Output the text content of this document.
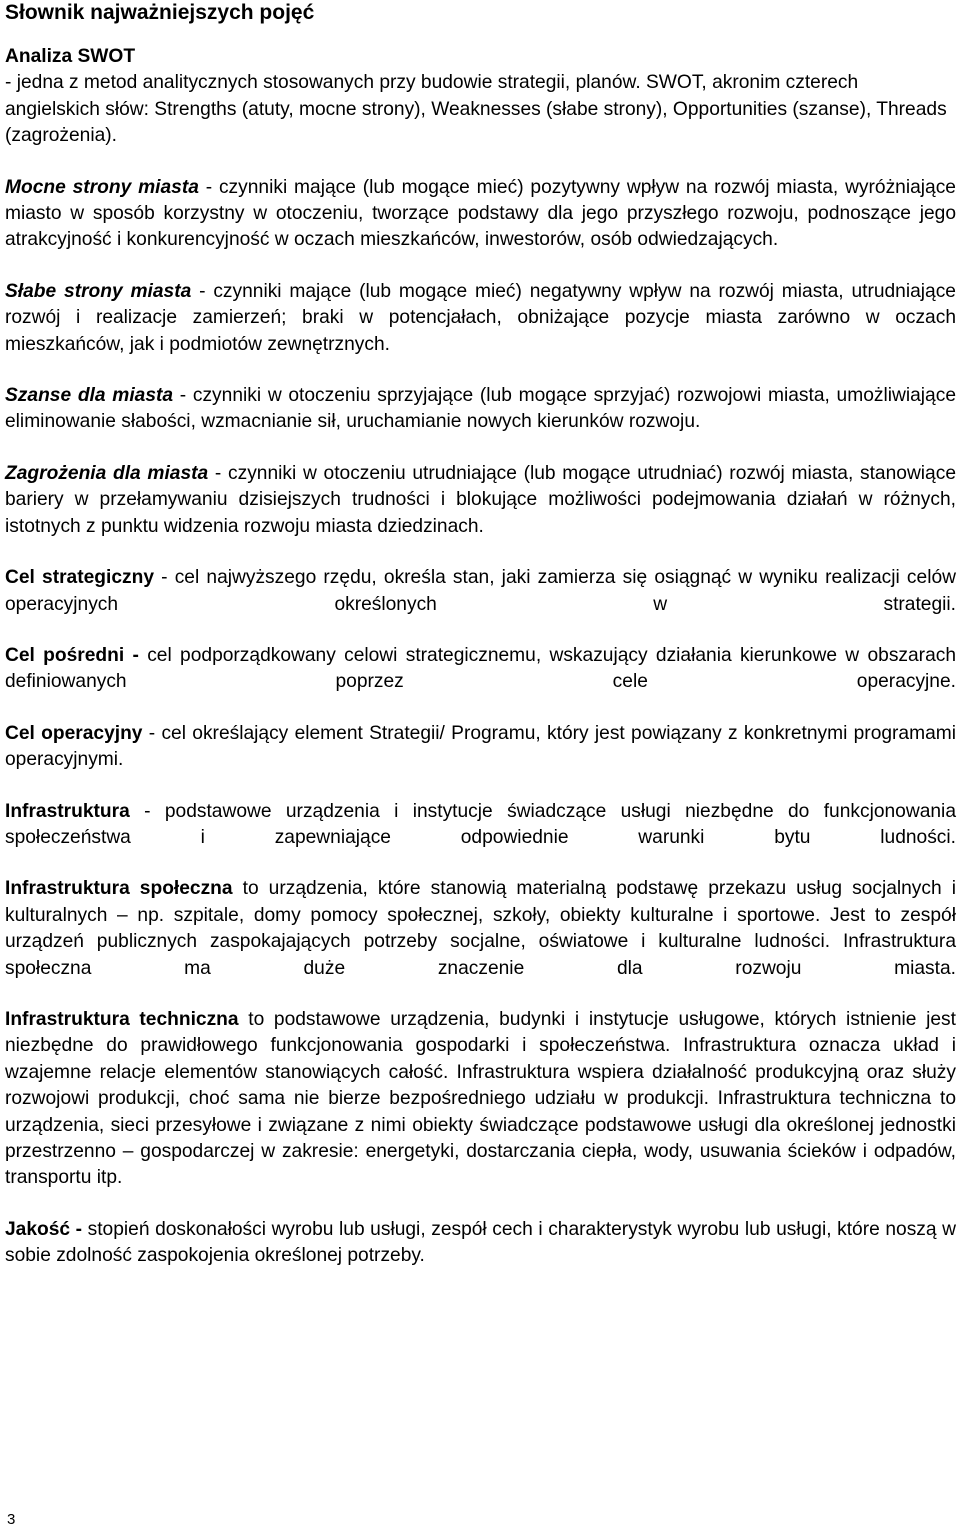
Słownik najważniejszych pojęć
Analiza SWOT
- jedna z metod analitycznych stosowanych przy budowie strategii, planów. SWOT, akronim czterech angielskich słów: Strengths (atuty, mocne strony), Weaknesses (słabe strony), Opportunities (szanse), Threads (zagrożenia).

Mocne strony miasta - czynniki mające (lub mogące mieć) pozytywny wpływ na rozwój miasta, wyróżniające miasto w sposób korzystny w otoczeniu, tworzące podstawy dla jego przyszłego rozwoju, podnoszące jego atrakcyjność i konkurencyjność w oczach mieszkańców, inwestorów, osób odwiedzających.

Słabe strony miasta - czynniki mające (lub mogące mieć) negatywny wpływ na rozwój miasta, utrudniające rozwój i realizacje zamierzeń; braki w potencjałach, obniżające pozycje miasta zarówno w oczach mieszkańców, jak i podmiotów zewnętrznych.

Szanse dla miasta - czynniki w otoczeniu sprzyjające (lub mogące sprzyjać) rozwojowi miasta, umożliwiające eliminowanie słabości, wzmacnianie sił, uruchamianie nowych kierunków rozwoju.

Zagrożenia dla miasta - czynniki w otoczeniu utrudniające (lub mogące utrudniać) rozwój miasta, stanowiące bariery w przełamywaniu dzisiejszych trudności i blokujące możliwości podejmowania działań w różnych, istotnych z punktu widzenia rozwoju miasta dziedzinach.

Cel strategiczny - cel najwyższego rzędu, określa stan, jaki zamierza się osiągnąć w wyniku realizacji celów operacyjnych określonych w strategii.

Cel pośredni - cel podporządkowany celowi strategicznemu, wskazujący działania kierunkowe w obszarach definiowanych poprzez cele operacyjne.

Cel operacyjny - cel określający element Strategii/ Programu, który jest powiązany z konkretnymi programami operacyjnymi.

Infrastruktura - podstawowe urządzenia i instytucje świadczące usługi niezbędne do funkcjonowania społeczeństwa i zapewniające odpowiednie warunki bytu ludności.

Infrastruktura społeczna to urządzenia, które stanowią materialną podstawę przekazu usług socjalnych i kulturalnych – np. szpitale, domy pomocy społecznej, szkoły, obiekty kulturalne i sportowe. Jest to zespół urządzeń publicznych zaspokajających potrzeby socjalne, oświatowe i kulturalne ludności. Infrastruktura społeczna ma duże znaczenie dla rozwoju miasta.

Infrastruktura techniczna to podstawowe urządzenia, budynki i instytucje usługowe, których istnienie jest niezbędne do prawidłowego funkcjonowania gospodarki i społeczeństwa. Infrastruktura oznacza układ i wzajemne relacje elementów stanowiących całość. Infrastruktura wspiera działalność produkcyjną oraz służy rozwojowi produkcji, choć sama nie bierze bezpośredniego udziału w produkcji. Infrastruktura techniczna to urządzenia, sieci przesyłowe i związane z nimi obiekty świadczące podstawowe usługi dla określonej jednostki przestrzenno – gospodarczej w zakresie: energetyki, dostarczania ciepła, wody, usuwania ścieków i odpadów, transportu itp.

Jakość - stopień doskonałości wyrobu lub usługi, zespół cech i charakterystyk wyrobu lub usługi, które noszą w sobie zdolność zaspokojenia określonej potrzeby.

3
